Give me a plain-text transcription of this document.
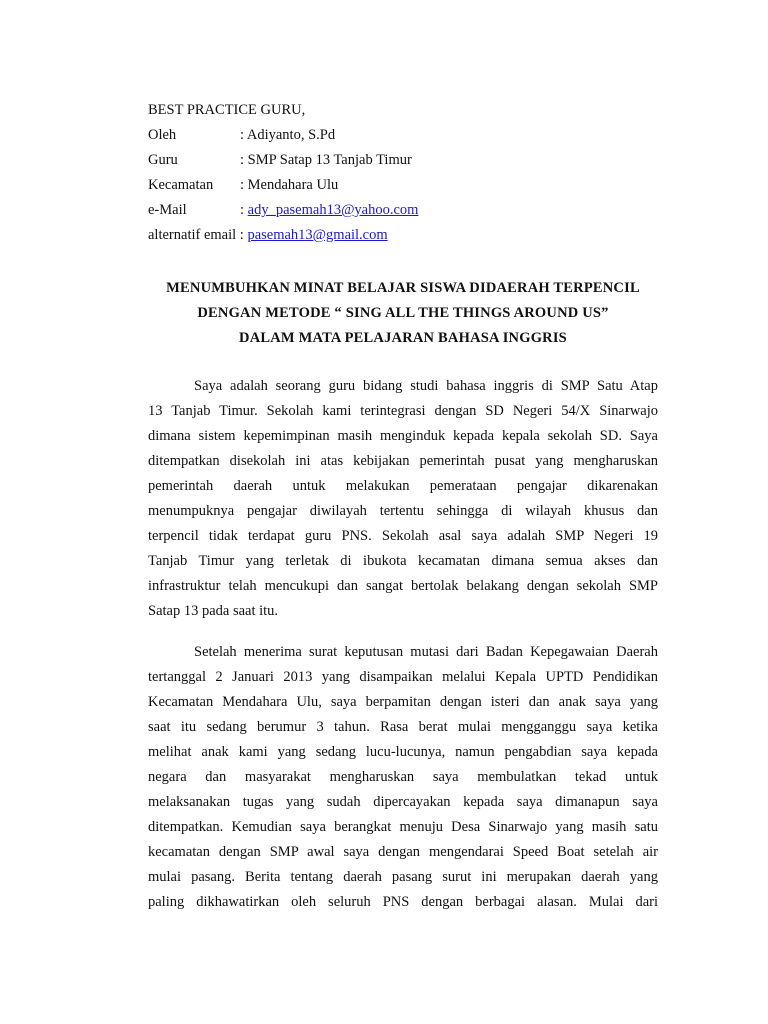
BEST PRACTICE GURU,
Oleh	: Adiyanto, S.Pd
Guru	: SMP Satap 13 Tanjab Timur
Kecamatan : Mendahara Ulu
e-Mail	: ady_pasemah13@yahoo.com
alternatif email : pasemah13@gmail.com
MENUMBUHKAN MINAT BELAJAR SISWA DIDAERAH TERPENCIL
DENGAN METODE “ SING ALL THE THINGS AROUND US”
DALAM MATA PELAJARAN BAHASA INGGRIS
Saya adalah seorang guru bidang studi bahasa inggris di SMP Satu Atap
13 Tanjab Timur. Sekolah kami terintegrasi dengan SD Negeri 54/X Sinarwajo
dimana sistem kepemimpinan masih menginduk kepada kepala sekolah SD. Saya
ditempatkan disekolah ini atas kebijakan pemerintah pusat yang mengharuskan
pemerintah daerah untuk melakukan pemerataan pengajar dikarenakan
menumpuknya pengajar diwilayah tertentu sehingga di wilayah khusus dan
terpencil tidak terdapat guru PNS. Sekolah asal saya adalah SMP Negeri 19
Tanjab Timur yang terletak di ibukota kecamatan dimana semua akses dan
infrastruktur telah mencukupi dan sangat bertolak belakang dengan sekolah SMP
Satap 13 pada saat itu.
Setelah menerima surat keputusan mutasi dari Badan Kepegawaian Daerah
tertanggal 2 Januari 2013 yang disampaikan melalui Kepala UPTD Pendidikan
Kecamatan Mendahara Ulu, saya berpamitan dengan isteri dan anak saya yang
saat itu sedang berumur 3 tahun. Rasa berat mulai mengganggu saya ketika
melihat anak kami yang sedang lucu-lucunya, namun pengabdian saya kepada
negara dan masyarakat mengharuskan saya membulatkan tekad untuk
melaksanakan tugas yang sudah dipercayakan kepada saya dimanapun saya
ditempatkan. Kemudian saya berangkat menuju Desa Sinarwajo yang masih satu
kecamatan dengan SMP awal saya dengan mengendarai Speed Boat setelah air
mulai pasang. Berita tentang daerah pasang surut ini merupakan daerah yang
paling dikhawatirkan oleh seluruh PNS dengan berbagai alasan. Mulai dari
